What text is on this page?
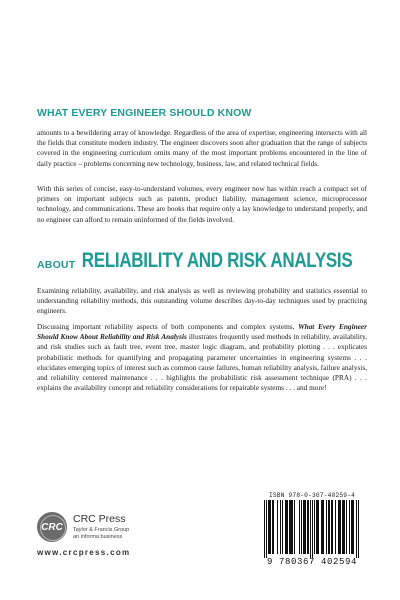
WHAT EVERY ENGINEER SHOULD KNOW

amounts to a bewildering array of knowledge. Regardless of the area of expertise, engineering intersects with all the fields that constitute modern industry. The engineer discovers soon after graduation that the range of subjects covered in the engineering curriculum omits many of the most important problems encountered in the line of daily practice – problems concerning new technology, business, law, and related technical fields.

With this series of concise, easy-to-understand volumes, every engineer now has within reach a compact set of primers on important subjects such as patents, product liability, management science, microprocessor technology, and communications. These are books that require only a lay knowledge to understand properly, and no engineer can afford to remain uninformed of the fields involved.

ABOUT RELIABILITY AND RISK ANALYSIS

Examining reliability, availability, and risk analysis as well as reviewing probability and statistics essential to understanding reliability methods, this outstanding volume describes day-to-day techniques used by practicing engineers.

Discussing important reliability aspects of both components and complex systems, What Every Engineer Should Know About Reliability and Risk Analysis illustrates frequently used methods in reliability, availability, and risk studies such as fault tree, event tree, master logic diagram, and probability plotting . . . explicates probabilistic methods for quantifying and propagating parameter uncertainties in engineering systems . . . elucidates emerging topics of interest such as common cause failures, human reliability analysis, failure analysis, and reliability centered maintenance . . . highlights the probabilistic risk assessment technique (PRA) . . . explains the availability concept and reliability considerations for repairable systems . . . and more!

CRC
CRC Press
Taylor & Francis Group
an informa business
www.crcpress.com
ISBN 978-0-367-40259-4
9 780367 402594
